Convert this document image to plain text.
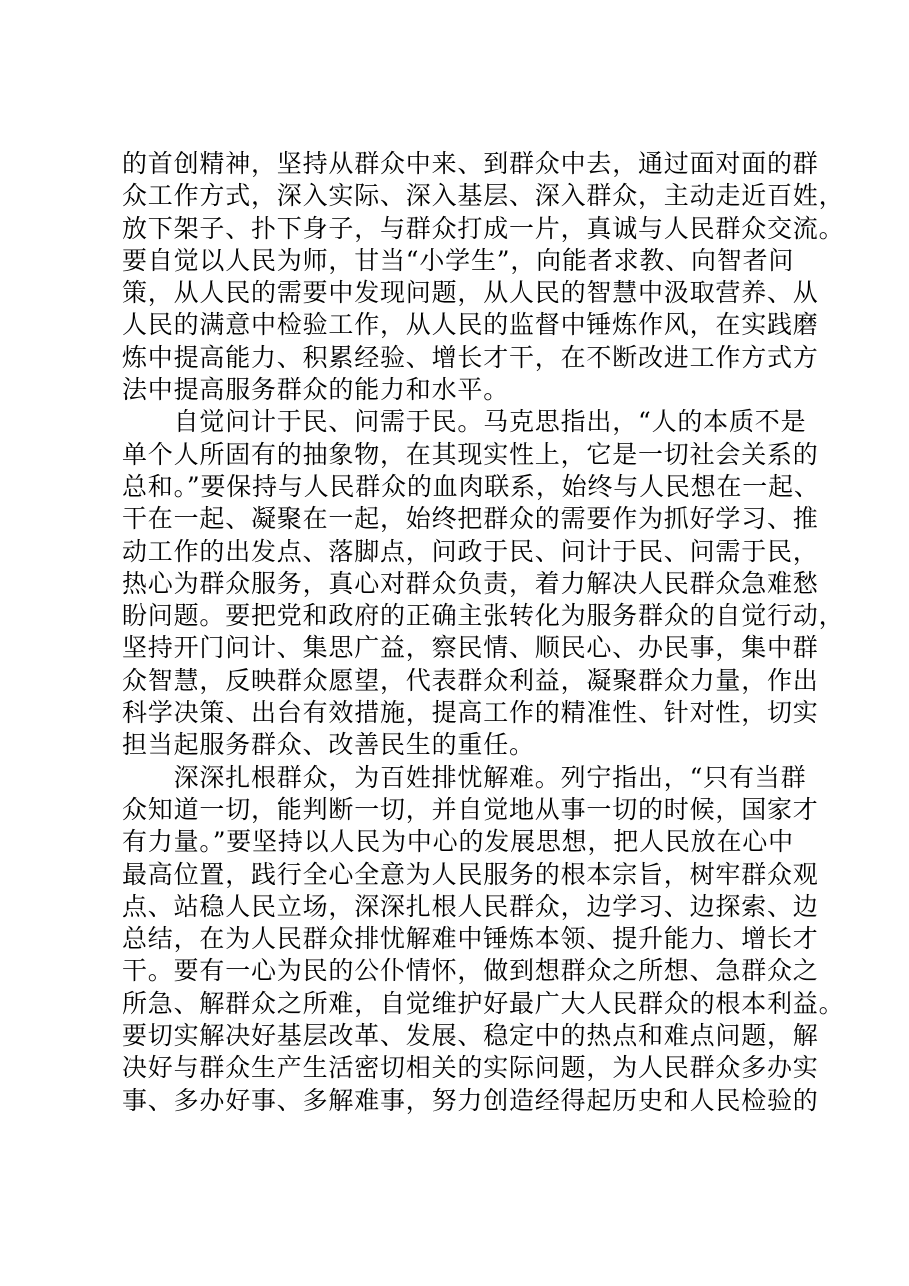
的首创精神，坚持从群众中来、到群众中去，通过面对面的群
众工作方式，深入实际、深入基层、深入群众，主动走近百姓，
放下架子、扑下身子，与群众打成一片，真诚与人民群众交流。
要自觉以人民为师，甘当“小学生”，向能者求教、向智者问
策，从人民的需要中发现问题，从人民的智慧中汲取营养、从
人民的满意中检验工作，从人民的监督中锤炼作风，在实践磨
炼中提高能力、积累经验、增长才干，在不断改进工作方式方
法中提高服务群众的能力和水平。
　　自觉问计于民、问需于民。马克思指出，“人的本质不是
单个人所固有的抽象物，在其现实性上，它是一切社会关系的
总和。”要保持与人民群众的血肉联系，始终与人民想在一起、
干在一起、凝聚在一起，始终把群众的需要作为抓好学习、推
动工作的出发点、落脚点，问政于民、问计于民、问需于民，
热心为群众服务，真心对群众负责，着力解决人民群众急难愁
盼问题。要把党和政府的正确主张转化为服务群众的自觉行动，
坚持开门问计、集思广益，察民情、顺民心、办民事，集中群
众智慧，反映群众愿望，代表群众利益，凝聚群众力量，作出
科学决策、出台有效措施，提高工作的精准性、针对性，切实
担当起服务群众、改善民生的重任。
　　深深扎根群众，为百姓排忧解难。列宁指出，“只有当群
众知道一切，能判断一切，并自觉地从事一切的时候，国家才
有力量。”要坚持以人民为中心的发展思想，把人民放在心中
最高位置，践行全心全意为人民服务的根本宗旨，树牢群众观
点、站稳人民立场，深深扎根人民群众，边学习、边探索、边
总结，在为人民群众排忧解难中锤炼本领、提升能力、增长才
干。要有一心为民的公仆情怀，做到想群众之所想、急群众之
所急、解群众之所难，自觉维护好最广大人民群众的根本利益。
要切实解决好基层改革、发展、稳定中的热点和难点问题，解
决好与群众生产生活密切相关的实际问题，为人民群众多办实
事、多办好事、多解难事，努力创造经得起历史和人民检验的
